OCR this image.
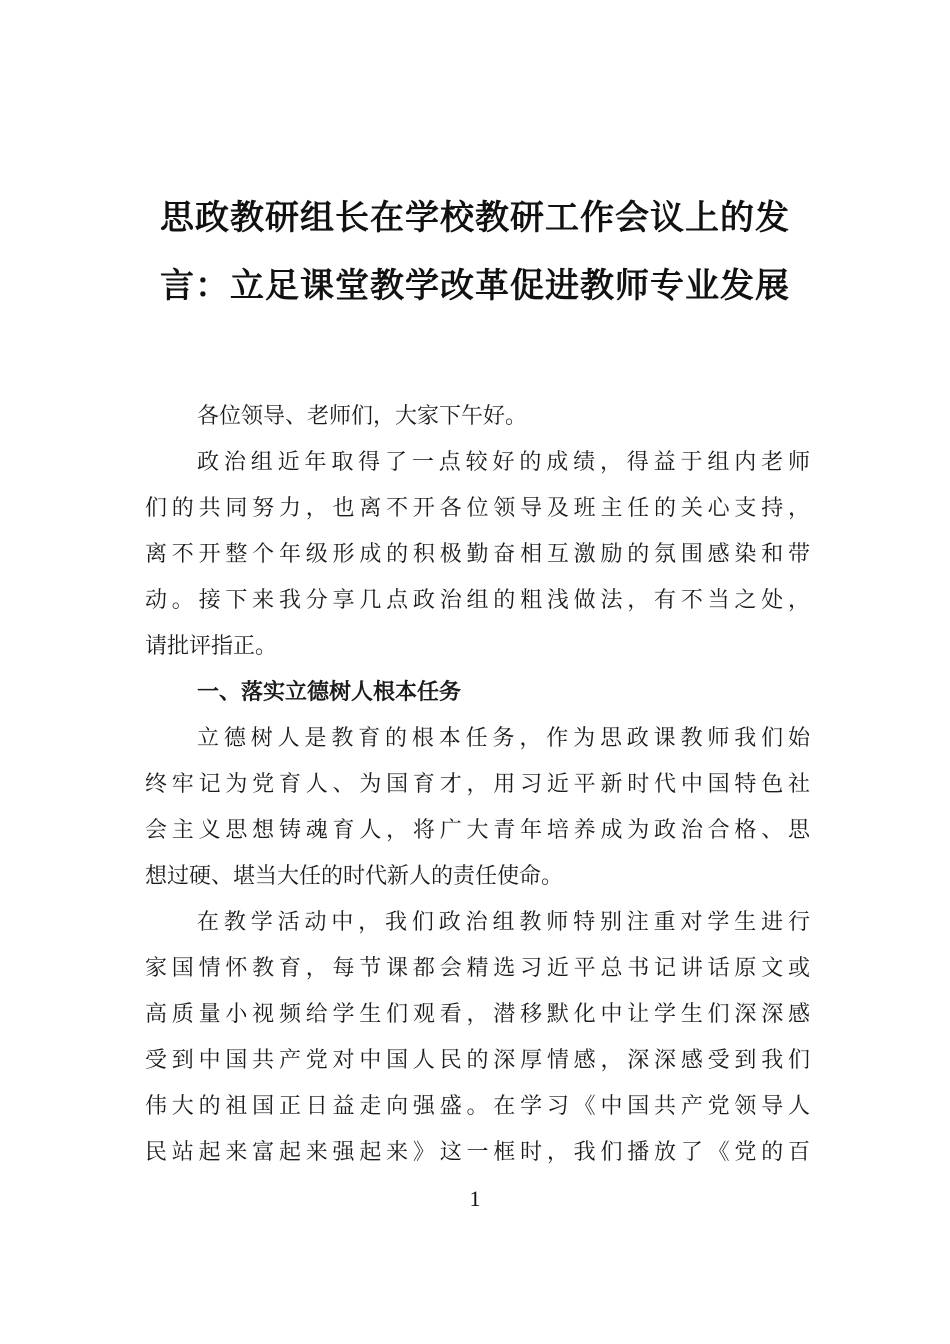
思政教研组长在学校教研工作会议上的发
言：立足课堂教学改革促进教师专业发展
各位领导、老师们，大家下午好。
政治组近年取得了一点较好的成绩，得益于组内老师
们的共同努力，也离不开各位领导及班主任的关心支持，
离不开整个年级形成的积极勤奋相互激励的氛围感染和带
动。接下来我分享几点政治组的粗浅做法，有不当之处，
请批评指正。
一、落实立德树人根本任务
立德树人是教育的根本任务，作为思政课教师我们始
终牢记为党育人、为国育才，用习近平新时代中国特色社
会主义思想铸魂育人，将广大青年培养成为政治合格、思
想过硬、堪当大任的时代新人的责任使命。
在教学活动中，我们政治组教师特别注重对学生进行
家国情怀教育，每节课都会精选习近平总书记讲话原文或
高质量小视频给学生们观看，潜移默化中让学生们深深感
受到中国共产党对中国人民的深厚情感，深深感受到我们
伟大的祖国正日益走向强盛。在学习《中国共产党领导人
民站起来富起来强起来》这一框时，我们播放了《党的百
1
